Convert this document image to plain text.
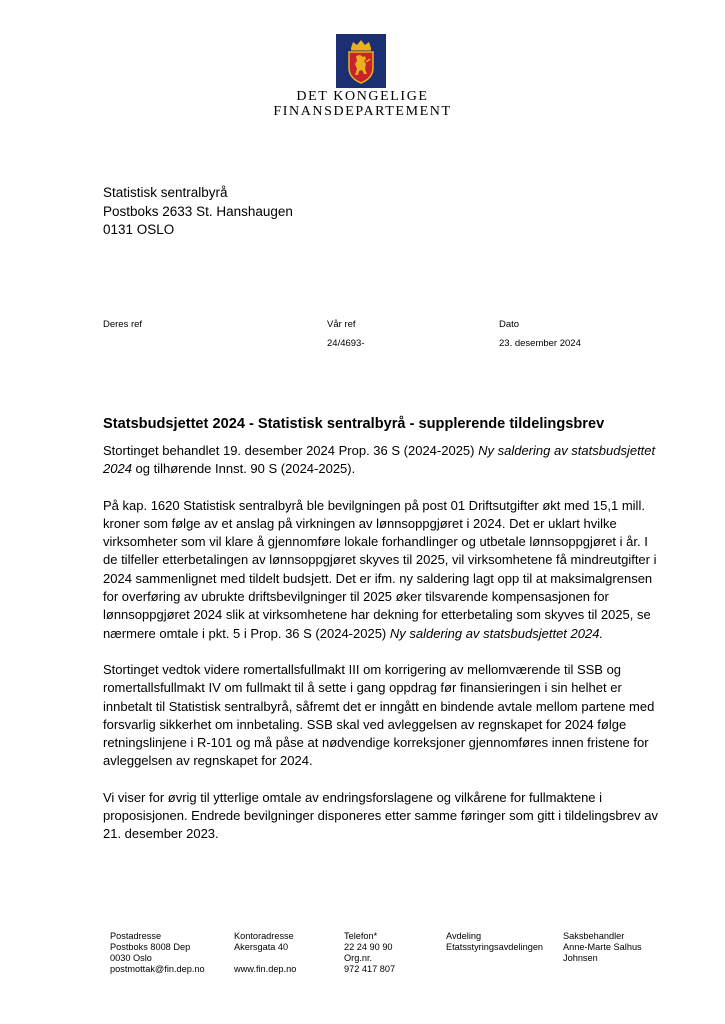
DET KONGELIGE
FINANSDEPARTEMENT
Statistisk sentralbyrå
Postboks 2633 St. Hanshaugen
0131 OSLO
Deres ref	Vår ref
24/4693-
Dato
23. desember 2024
Statsbudsjettet 2024 - Statistisk sentralbyrå - supplerende tildelingsbrev

Stortinget behandlet 19. desember 2024 Prop. 36 S (2024-2025) Ny saldering av statsbudsjettet 2024 og tilhørende Innst. 90 S (2024-2025).

På kap. 1620 Statistisk sentralbyrå ble bevilgningen på post 01 Driftsutgifter økt med 15,1 mill. kroner som følge av et anslag på virkningen av lønnsoppgjøret i 2024. Det er uklart hvilke virksomheter som vil klare å gjennomføre lokale forhandlinger og utbetale lønnsoppgjøret i år. I de tilfeller etterbetalingen av lønnsoppgjøret skyves til 2025, vil virksomhetene få mindreutgifter i 2024 sammenlignet med tildelt budsjett. Det er ifm. ny saldering lagt opp til at maksimalgrensen for overføring av ubrukte driftsbevilgninger til 2025 øker tilsvarende kompensasjonen for lønnsoppgjøret 2024 slik at virksomhetene har dekning for etterbetaling som skyves til 2025, se nærmere omtale i pkt. 5 i Prop. 36 S (2024-2025) Ny saldering av statsbudsjettet 2024.

Stortinget vedtok videre romertallsfullmakt III om korrigering av mellomværende til SSB og romertallsfullmakt IV om fullmakt til å sette i gang oppdrag før finansieringen i sin helhet er innbetalt til Statistisk sentralbyrå, såfremt det er inngått en bindende avtale mellom partene med forsvarlig sikkerhet om innbetaling. SSB skal ved avleggelsen av regnskapet for 2024 følge retningslinjene i R-101 og må påse at nødvendige korreksjoner gjennomføres innen fristene for avleggelsen av regnskapet for 2024.

Vi viser for øvrig til ytterlige omtale av endringsforslagene og vilkårene for fullmaktene i proposisjonen. Endrede bevilgninger disponeres etter samme føringer som gitt i tildelingsbrev av 21. desember 2023.

Postadresse
Postboks 8008 Dep
0030 Oslo
postmottak@fin.dep.no
Kontoradresse
Akersgata 40
www.fin.dep.no
Telefon*
22 24 90 90
Org.nr.
972 417 807
Avdeling
Etatsstyringsavdelingen
Saksbehandler
Anne-Marte Salhus
Johnsen
